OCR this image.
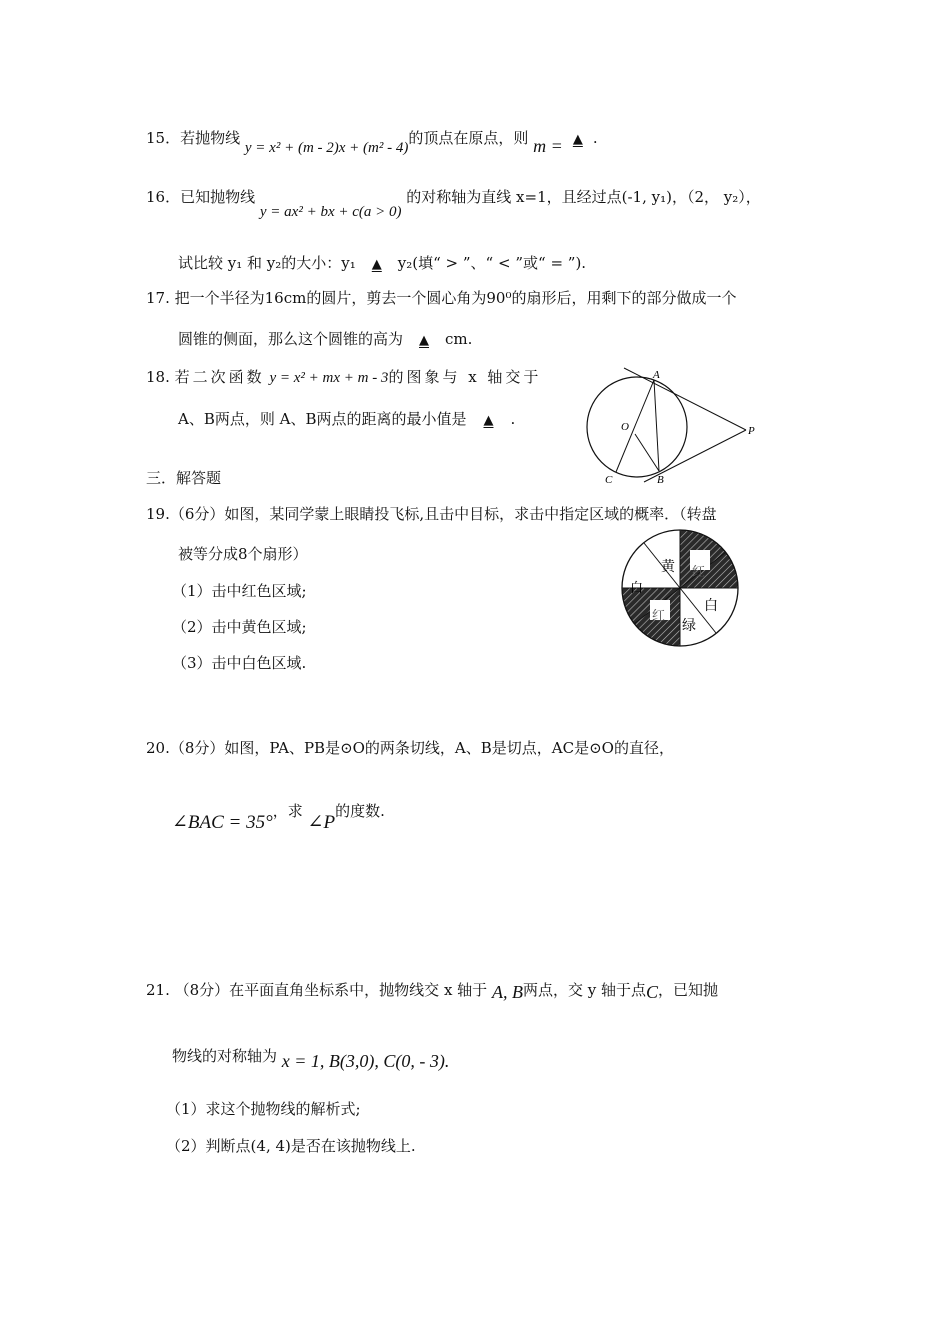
15．若抛物线 y = x² + (m - 2)x + (m² - 4)的顶点在原点，则 m = ▲ .
16．已知抛物线 y = ax² + bx + c(a > 0) 的对称轴为直线 x=1，且经过点(-1, y₁)，（2， y₂），
试比较 y₁ 和 y₂的大小：y₁ ▲ y₂(填“ > ”、“ < ”或“ = ”).
17. 把一个半径为16cm的圆片，剪去一个圆心角为90⁰的扇形后，用剩下的部分做成一个
圆锥的侧面，那么这个圆锥的高为 ▲ cm.
18. 若二次函数 y = x² + mx + m - 3的图象与 x 轴交于
A、B两点，则 A、B两点的距离的最小值是 ▲ .
A
O	P
C	B
三．解答题
19.（6分）如图，某同学蒙上眼睛投飞标,且击中目标，求击中指定区域的概率．（转盘
被等分成8个扇形）
（1）击中红色区域;
（2）击中黄色区域;
（3）击中白色区域.
黄 红
白
红
白
绿
20.（8分）如图，PA、PB是⊙O的两条切线，A、B是切点，AC是⊙O的直径，
∠BAC = 35°，求 ∠P的度数.
21. （8分）在平面直角坐标系中，抛物线交 x 轴于 A, B两点，交 y 轴于点C，已知抛
物线的对称轴为 x = 1, B(3,0), C(0, - 3).
（1）求这个抛物线的解析式;
（2）判断点(4, 4)是否在该抛物线上.
